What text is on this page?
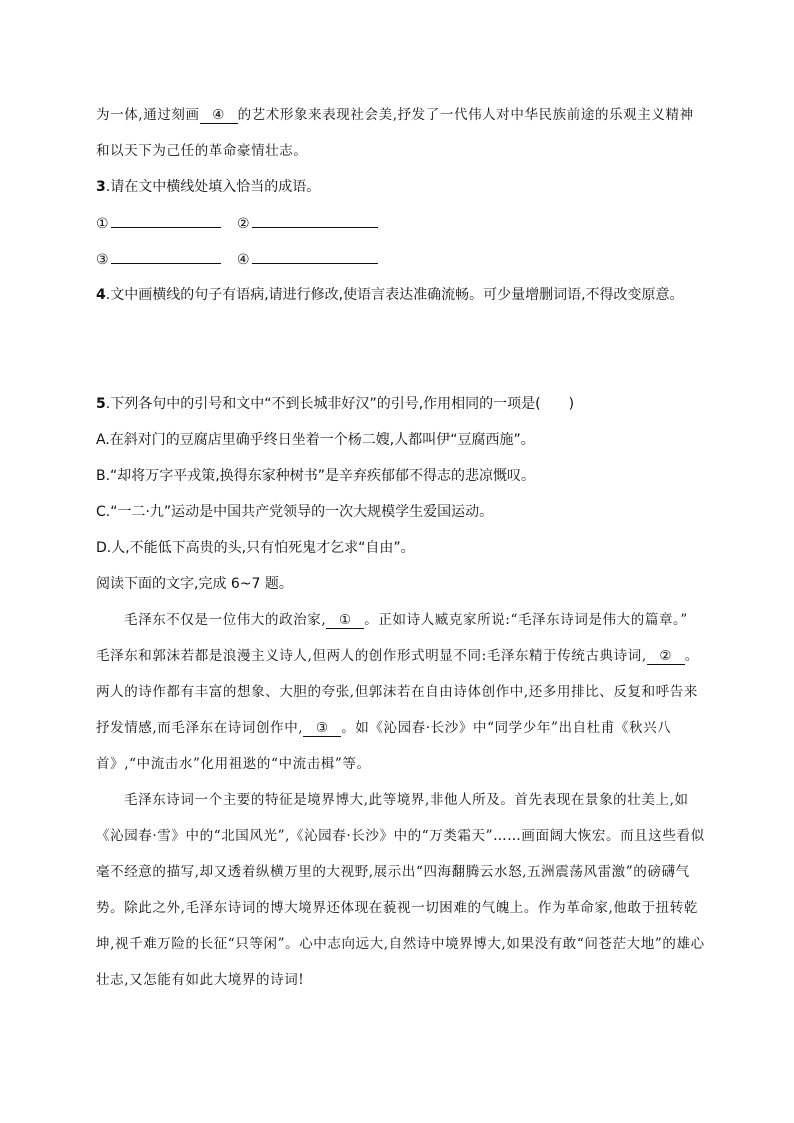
为一体,通过刻画 ④ 的艺术形象来表现社会美,抒发了一代伟人对中华民族前途的乐观主义精神
和以天下为己任的革命豪情壮志。
3.请在文中横线处填入恰当的成语。
①	②
③	④
4.文中画横线的句子有语病,请进行修改,使语言表达准确流畅。可少量增删词语,不得改变原意。
5.下列各句中的引号和文中“不到长城非好汉”的引号,作用相同的一项是(　　)
A.在斜对门的豆腐店里确乎终日坐着一个杨二嫂,人都叫伊“豆腐西施”。
B.“却将万字平戎策,换得东家种树书”是辛弃疾郁郁不得志的悲凉慨叹。
C.“一二·九”运动是中国共产党领导的一次大规模学生爱国运动。
D.人,不能低下高贵的头,只有怕死鬼才乞求“自由”。
阅读下面的文字,完成 6~7 题。
毛泽东不仅是一位伟大的政治家, ① 。正如诗人臧克家所说:“毛泽东诗词是伟大的篇章。”
毛泽东和郭沫若都是浪漫主义诗人,但两人的创作形式明显不同:毛泽东精于传统古典诗词, ② 。
两人的诗作都有丰富的想象、大胆的夸张,但郭沫若在自由诗体创作中,还多用排比、反复和呼告来
抒发情感,而毛泽东在诗词创作中, ③ 。如《沁园春·长沙》中“同学少年”出自杜甫《秋兴八
首》,“中流击水”化用祖逖的“中流击楫”等。
毛泽东诗词一个主要的特征是境界博大,此等境界,非他人所及。首先表现在景象的壮美上,如
《沁园春·雪》中的“北国风光”,《沁园春·长沙》中的“万类霜天”……画面阔大恢宏。而且这些看似
毫不经意的描写,却又透着纵横万里的大视野,展示出“四海翻腾云水怒,五洲震荡风雷激”的磅礴气
势。除此之外,毛泽东诗词的博大境界还体现在藐视一切困难的气魄上。作为革命家,他敢于扭转乾
坤,视千难万险的长征“只等闲”。心中志向远大,自然诗中境界博大,如果没有敢“问苍茫大地”的雄心
壮志,又怎能有如此大境界的诗词!
